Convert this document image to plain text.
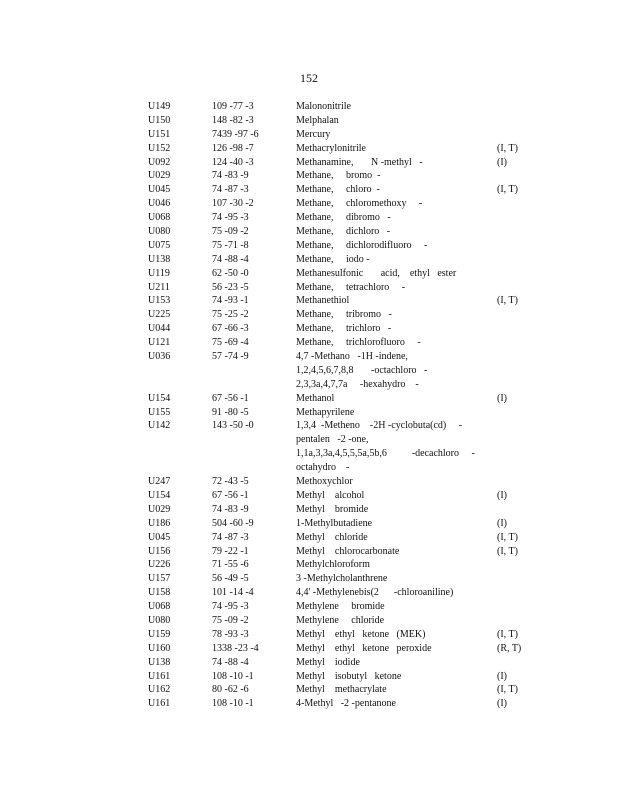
152
U149	109 -77 -3	Malononitrile
U150	148 -82 -3	Melphalan
U151	7439 -97 -6	Mercury
U152	126 -98 -7	Methacrylonitrile	(I, T)
U092	124 -40 -3	Methanamine,       N -methyl   -	(I)
U029	74 -83 -9	Methane,     bromo  -
U045	74 -87 -3	Methane,     chloro  -	(I, T)
U046	107 -30 -2	Methane,     chloromethoxy     -
U068	74 -95 -3	Methane,     dibromo   -
U080	75 -09 -2	Methane,     dichloro   -
U075	75 -71 -8	Methane,     dichlorodifluoro     -
U138	74 -88 -4	Methane,     iodo -
U119	62 -50 -0	Methanesulfonic       acid,    ethyl   ester
U211	56 -23 -5	Methane,     tetrachloro     -
U153	74 -93 -1	Methanethiol	(I, T)
U225	75 -25 -2	Methane,     tribromo   -
U044	67 -66 -3	Methane,     trichloro   -
U121	75 -69 -4	Methane,     trichlorofluoro     -
U036	57 -74 -9	4,7 -Methano   -1H -indene,
1,2,4,5,6,7,8,8       -octachloro   -
2,3,3a,4,7,7a     -hexahydro    -
U154	67 -56 -1	Methanol	(I)
U155	91 -80 -5	Methapyrilene
U142	143 -50 -0	1,3,4  -Metheno    -2H -cyclobuta(cd)     -
pentalen   -2 -one,
1,1a,3,3a,4,5,5,5a,5b,6          -decachloro     -
octahydro    -
U247	72 -43 -5	Methoxychlor
U154	67 -56 -1	Methyl    alcohol	(I)
U029	74 -83 -9	Methyl    bromide
U186	504 -60 -9	1-Methylbutadiene	(I)
U045	74 -87 -3	Methyl    chloride	(I, T)
U156	79 -22 -1	Methyl    chlorocarbonate	(I, T)
U226	71 -55 -6	Methylchloroform
U157	56 -49 -5	3 -Methylcholanthrene
U158	101 -14 -4	4,4' -Methylenebis(2      -chloroaniline)
U068	74 -95 -3	Methylene     bromide
U080	75 -09 -2	Methylene     chloride
U159	78 -93 -3	Methyl    ethyl   ketone   (MEK)	(I, T)
U160	1338 -23 -4	Methyl    ethyl   ketone   peroxide	(R, T)
U138	74 -88 -4	Methyl    iodide
U161	108 -10 -1	Methyl    isobutyl   ketone	(I)
U162	80 -62 -6	Methyl    methacrylate	(I, T)
U161	108 -10 -1	4-Methyl   -2 -pentanone	(I)
